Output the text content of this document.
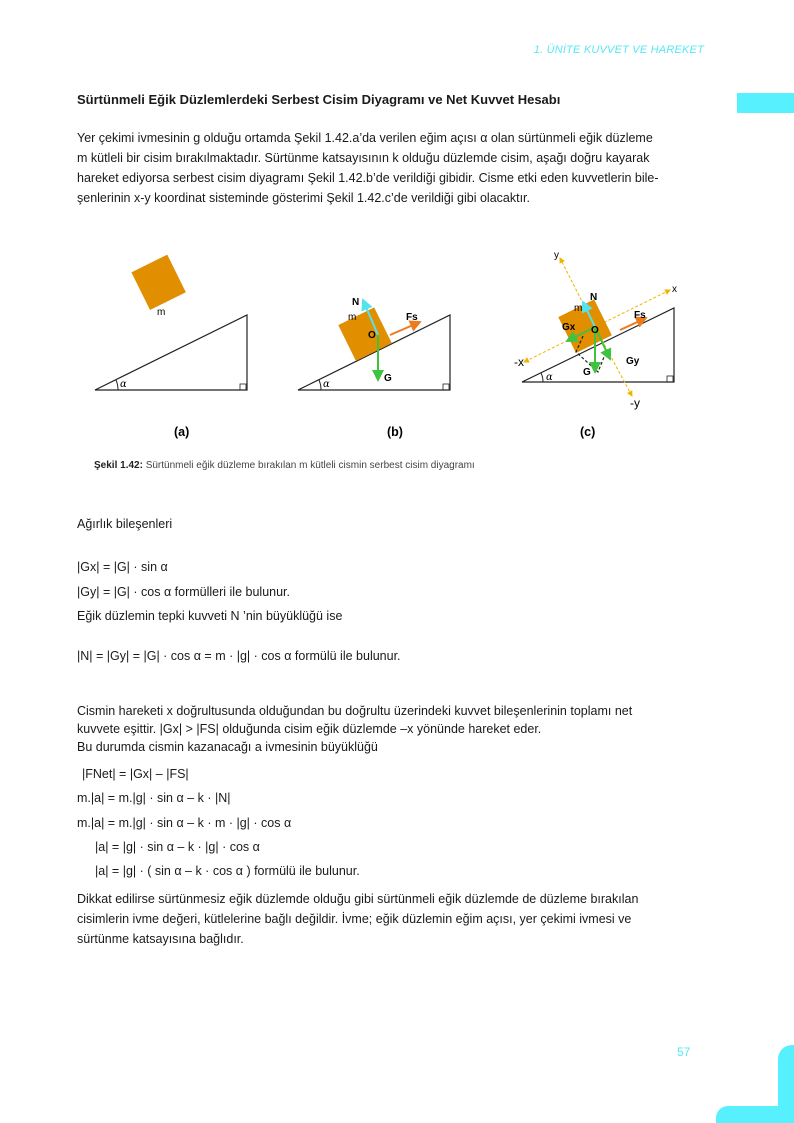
1. ÜNİTE KUVVET VE HAREKET
Sürtünmeli Eğik Düzlemlerdeki Serbest Cisim Diyagramı ve Net Kuvvet Hesabı
Yer çekimi ivmesinin g olduğu ortamda Şekil 1.42.a’da verilen eğim açısı α olan sürtünmeli eğik düzleme
m kütleli bir cisim bırakılmaktadır. Sürtünme katsayısının k olduğu düzlemde cisim, aşağı doğru kayarak
hareket ediyorsa serbest cisim diyagramı Şekil 1.42.b’de verildiği gibidir. Cisme etki eden kuvvetlerin bile-
şenlerinin x-y koordinat sisteminde gösterimi Şekil 1.42.c’de verildiği gibi olacaktır.
α
m
(a)
α
N
m
O
G
Fs
(b)
α
y
x
-x
-y
N
m
Gx O
Gy
G
Fs
(c)
Şekil 1.42: Sürtünmeli eğik düzleme bırakılan m kütleli cismin serbest cisim diyagramı
Ağırlık bileşenleri
|Gx| = |G| · sin α
|Gy| = |G| · cos α formülleri ile bulunur.
Eğik düzlemin tepki kuvveti N ’nin büyüklüğü ise
|N| = |Gy| = |G| · cos α = m · |g| · cos α formülü ile bulunur.
Cismin hareketi x doğrultusunda olduğundan bu doğrultu üzerindeki kuvvet bileşenlerinin toplamı net
kuvvete eşittir. |Gx| > |FS| olduğunda cisim eğik düzlemde –x yönünde hareket eder.
Bu durumda cismin kazanacağı a ivmesinin büyüklüğü
|FNet| = |Gx| – |FS|
m.|a| = m.|g| · sin α – k · |N|
m.|a| = m.|g| · sin α – k · m · |g| · cos α
|a| = |g| · sin α – k · |g| · cos α
|a| = |g| · ( sin α – k · cos α ) formülü ile bulunur.
Dikkat edilirse sürtünmesiz eğik düzlemde olduğu gibi sürtünmeli eğik düzlemde de düzleme bırakılan
cisimlerin ivme değeri, kütlelerine bağlı değildir. İvme; eğik düzlemin eğim açısı, yer çekimi ivmesi ve
sürtünme katsayısına bağlıdır.
57
